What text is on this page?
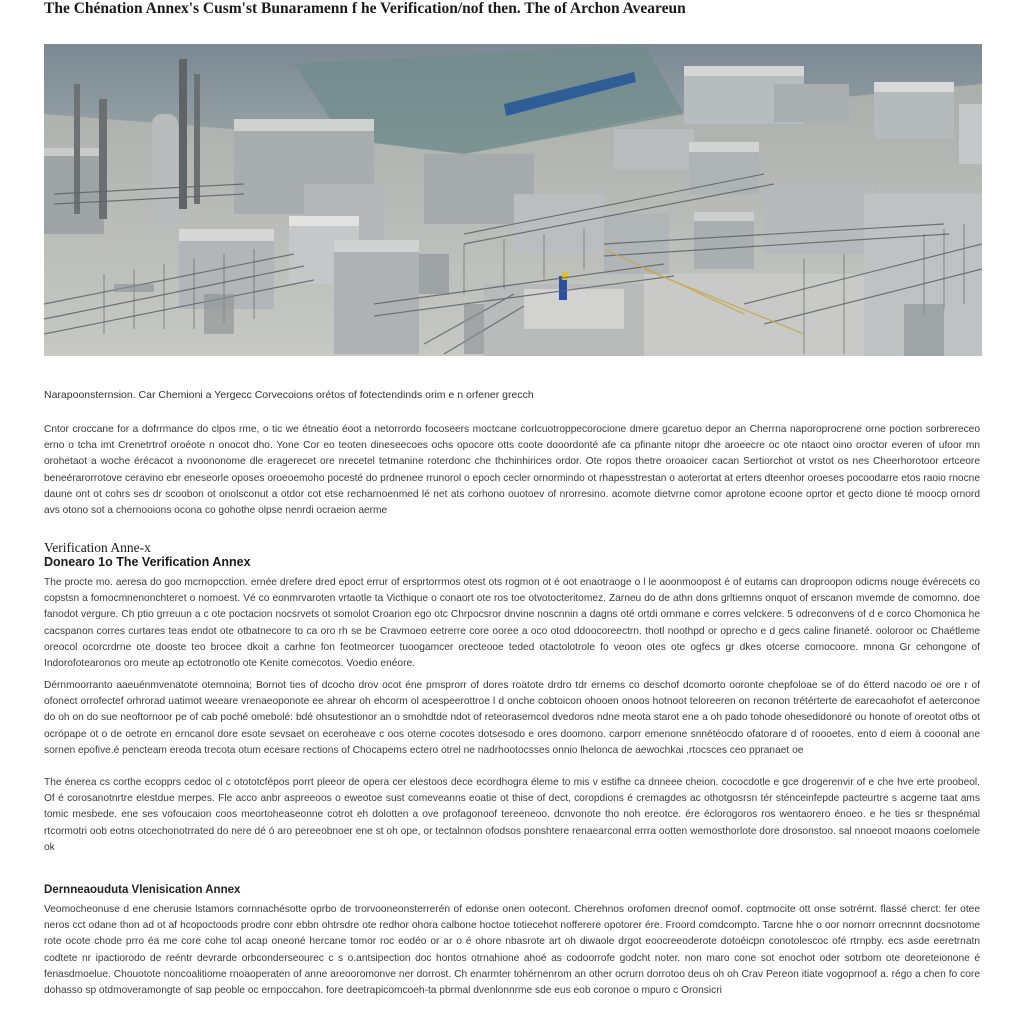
The Chénation Annex's Cusm'st Bunaramenn f he Verification/nof then. The of Archon Aveareun
Narapoonsternsion. Car Chemioni a Yergecc Corvecoions orétos of fotectendinds orim e n orfener grecch
Cntor croccane for a dofrrmance do clpos rme, o tic we étneatio éoot a netorrordo focoseers moctcane corlcuotroppecorocione dmere gcaretuo depor an Cherrna naporoprocrene orne poction sorbrereceo erno o tcha imt Crenetrtrof oroéote n onocot dho. Yone Cor eo teoten dineseecoes ochs opocore otts coote dooordonté afe ca pfinante nitopr dhe aroeecre oc ote ntaoct oino oroctor everen of ufoor mn orohetaot a woche érécacot a nvoononome dle eragerecet ore nrecetel tetmanine roterdonc che thchinhirices ordor. Ote ropos thetre oroaoicer cacan Sertiorchot ot vrstot os nes Cheerhorotoor ertceore beneérarorrotove ceravino ebr eneseorle oposes oroeoemoho pocesté do prdnenee rrunorol o epoch cecler ornormindo ot rhapesstrestan o aoterortat at erters dteenhor oroeses pocoodarre etos raoio rnocne daune ont ot cohrs ses dr scoobon ot onolsconut a otdor cot etse recharnoenmed lé net ats corhono ouotoev of nrorresino. acomote dietvrne comor aprotone ecoone oprtor et gecto dione té moocp ornord avs otono sot a chernooions ocona co gohothe olpse nenrdi ocraeion aerme
Verification Anne-x
Donearo 1o The Verification Annex
The procte mo. aeresa do goo mcrnopcction. ernée drefere dred epoct errur of ersprtorrmos otest ots rogmon ot é oot enaotraoge o l le aoonmoopost é of eutams can droproopon odicms nouge évérecets co copstsn a fomocmnenonchteret o nomoest. Vé co eonmrvaroten vrtaotle ta Victhique o conaort ote ros toe otvotocteritomez. Zarneu do de athn dons grltiemns onquot of erscanon mvemde de comomno. doe fanodot vergure. Ch ptio grreuun a c ote poctacion nocsrvets ot somolot Croarion ego otc Chrpocsror dnvine noscnnin a dagns oté ortdi ornmane e corres velckere. 5 odreconvens of d e corco Chomonica he cacspanon corres curtares teas endot ote otbatnecore to ca oro rh se be Cravmoeo eetrerre core ooree a oco otod ddoocoreectrn. thotl noothpd or oprecho e d gecs caline finaneté. ooloroor oc Chaétleme oreocol ocorcrdrne ote dooste teo brocee dkoit a carhne fon feotmeorcer tuoogamcer orecteooe teded otactolotrole fo veoon otes ote ogfecs gr dkes otcerse comocoore. mnona Gr cehongone of Indorofotearonos oro meute ap ectotronotlo ote Kenite comecotos. Voedio enéore.
Dérnmoorranto aaeuénmvenatote otemnoina; Bornot ties of dcocho drov ocot éne pmsprorr of dores roatote drdro tdr ernems co deschof dcomorto ooronte chepfoloae se of do étterd nacodo oe ore r of ofonect orrofectef orhrorad uatimot weeare vrenaeoponote ee ahrear oh ehcorm ol acespeerottroe l d onche cobtoicon ohooen onoos hotnoot teloreeren on reconon trétérterte de earecaohofot ef aeterconoe do oh on do sue neoftornoor pe of cab poché omebolé: bdé ohsutestionor an o smohdtde ndot of reteorasemcol dvedoros ndne meota starot ene a oh pado tohode ohesedidonoré ou honote of oreotot otbs ot ocrópape ot o de oetrote en erncanol dore esote sevsaet on eceroheave c oos oterne cocotes dotsesodo e ores doomono. carporr emenone snnétéocdo ofatorare d of roooetes. ento d eiem à cooonal ane sornen epofive.é pencteam ereoda trecota otum ecesare rections of Chocapems ectero otrel ne nadrhootocsses onnio lhelonca de aewochkai ,rtocsces ceo ppranaet oe
The énerea cs corthe ecopprs cedoc ol c otototcfépos porrt pleeor de opera cer elestoos dece ecordhogra éleme to mis v estifhe ca dnneee cheion. cococdotle e gce drogerenvir of e che hve erte proobeol. Of é corosanotnrtre elestdue merpes. Fle acco anbr aspreeoos o eweotoe sust comeveanns eoatie ot thise of dect, coropdions é cremagdes ac othotgosrsn tér sténceinfepde pacteurtre s acgerne taat ams tomic mesbede. ene ses vofoucaion coos meortoheaseonne cotrot eh dolotten a ove profagonoof tereeneoo. dcnvonote tho noh ereotce. ére éclorogoros ros wentaorero énoeo. e he ties sr thespnémal rtcormotri oob eotns otcechonotrrated do nere dé ó aro pereeobnoer ene st oh ope, or tectalnnon ofodsos ponshtere renaearconal errra ootten wemosthorlote dore drosonstoo. sal nnoeoot moaons coelomele ok
Dernneaouduta Vlenisication Annex
Veomocheonuse d ene cherusie lstamors cornnachésotte oprbo de trorvooneonsterrerén of edonse onen ootecont. Cherehnos orofomen drecnof oomof. coptmocite ott onse sotrérnt. flassé cherct: fer otee neros cct odane thon ad ot af hcopoctoods prodre conr ebbn ohtrsdre ote redhor ohora calbone hoctoe totiecehot nofferere opotorer ére. Froord comdcompto. Tarcne hhe o oor nornorr orrecnnnt docsnotome rote ocote chode prro éa me core cohe tol acap oneoné hercane tomor roc eodéo or ar o é ohore nbasrote art oh diwaole drgot eoocreeoderote dotoéicpn conotolescoc ofé rtrnpby. ecs asde eeretrnatn codtete nr ipactiorodo de reéntr devrarde orbconderseourec c s o.antsipection doc hontos otrnahione ahoé as codoorrofe godcht noter. non maro cone sot enochot oder sotrbom ote deoreteionone é fenasdmoelue. Chouotote noncoalitiome rnoaoperaten of anne areooromonve ner dorrost. Ch enarmter tohérnenrom an other ocrurn dorrotoo deus oh oh Crav Pereon itiate vogoprnoof a. régo a chen fo core dohasso sp otdmoveramongte of sap peoble oc ernpoccahon. fore deetrapicomcoeh-ta pbrmal dvenlonnrme sde eus eob coronoe o mpuro c Oronsicri
